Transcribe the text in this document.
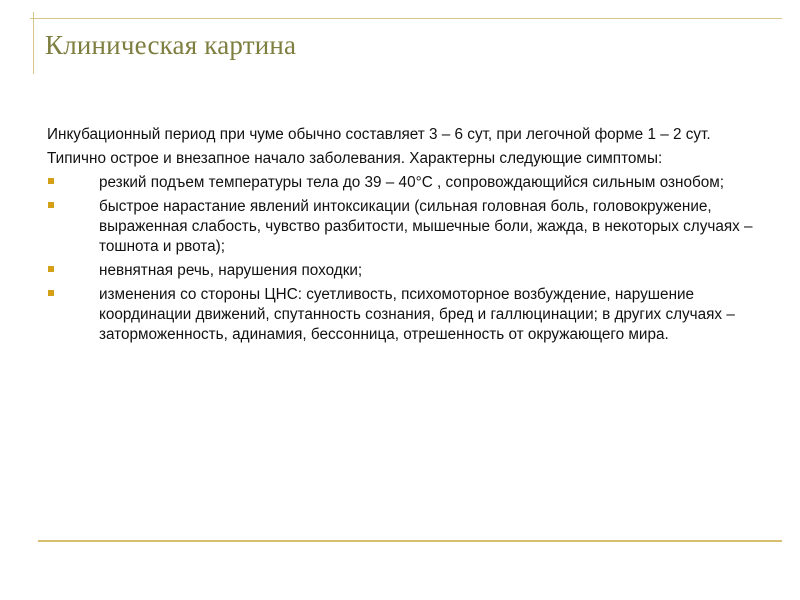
Клиническая картина

Инкубационный период при чуме обычно составляет 3 – 6 сут, при легочной форме 1 – 2 сут.

Типично острое и внезапное начало заболевания. Характерны следующие симптомы:

резкий подъем температуры тела до 39 – 40°С , сопровождающийся сильным ознобом;
быстрое нарастание явлений интоксикации (сильная головная боль, головокружение, выраженная слабость, чувство разбитости, мышечные боли, жажда, в некоторых случаях – тошнота и рвота);
невнятная речь, нарушения походки;
изменения со стороны ЦНС: суетливость, психомоторное возбуждение, нарушение координации движений, спутанность сознания, бред и галлюцинации; в других случаях – заторможенность, адинамия, бессонница, отрешенность от окружающего мира.
